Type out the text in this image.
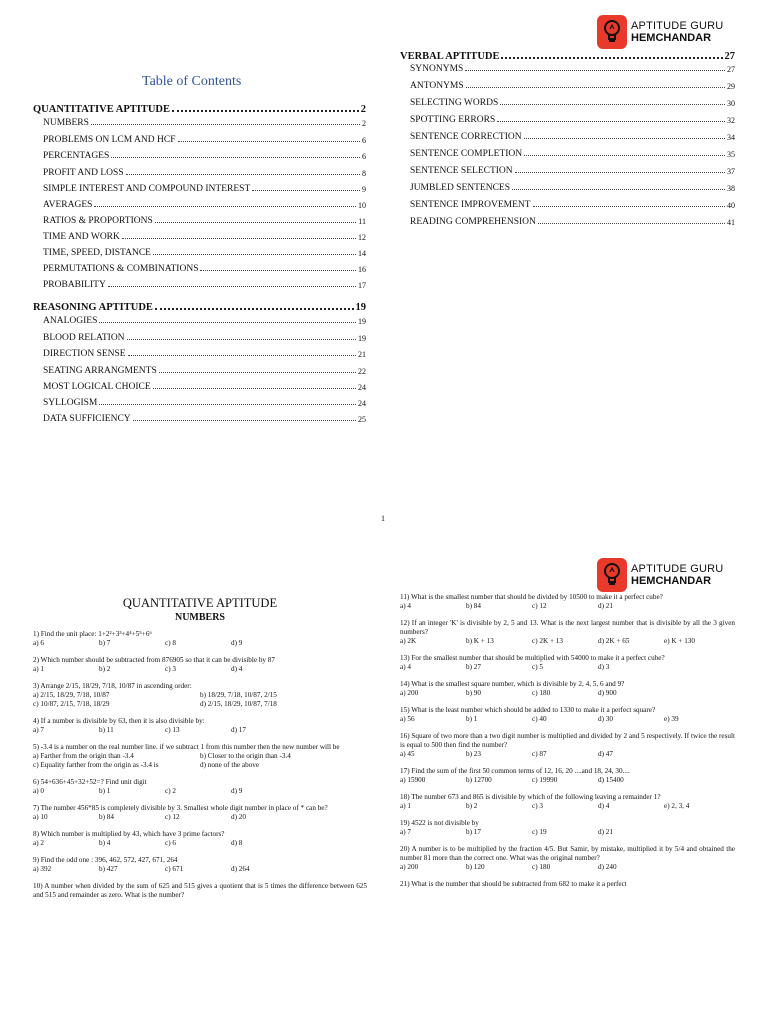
APTITUDE GURU
HEMCHANDAR
Table of Contents
QUANTITATIVE APTITUDE	2
NUMBERS	2
PROBLEMS ON LCM AND HCF	6
PERCENTAGES	6
PROFIT AND LOSS	8
SIMPLE INTEREST AND COMPOUND INTEREST	9
AVERAGES	10
RATIOS & PROPORTIONS	11
TIME AND WORK	12
TIME, SPEED, DISTANCE	14
PERMUTATIONS & COMBINATIONS	16
PROBABILITY	17
REASONING APTITUDE	19
ANALOGIES	19
BLOOD RELATION	19
DIRECTION SENSE	21
SEATING ARRANGMENTS	22
MOST LOGICAL CHOICE	24
SYLLOGISM	24
DATA SUFFICIENCY	25
VERBAL APTITUDE	27
SYNONYMS	27
ANTONYMS	29
SELECTING WORDS	30
SPOTTING ERRORS	32
SENTENCE CORRECTION	34
SENTENCE COMPLETION	35
SENTENCE SELECTION	37
JUMBLED SENTENCES	38
SENTENCE IMPROVEMENT	40
READING COMPREHENSION	41
1
APTITUDE GURU
HEMCHANDAR
QUANTITATIVE APTITUDE
NUMBERS
1) Find the unit place: 1+2²+3³+4⁴+5⁵+6⁶
a) 6	b) 7	c) 8	d) 9
2) Which number should be subtracted from 876905 so that it can be divisible by 87
a) 1	b) 2	c) 3	d) 4
3) Arrange 2/15, 18/29, 7/18, 10/87 in ascending order:
a) 2/15, 18/29, 7/18, 10/87	b) 18/29, 7/18, 10/87, 2/15
c) 10/87, 2/15, 7/18, 18/29	d) 2/15, 18/29, 10/87, 7/18
4) If a number is divisible by 63, then it is also divisible by:
a) 7	b) 11	c) 13	d) 17
5) -3.4 is a number on the real number line. if we subtract 1 from this number then the new number will be
a) Farther from the origin than -3.4	b) Closer to the origin than -3.4
c) Equality farther from the origin as -3.4 is	d) none of the above
6) 54+636+45+32+52=? Find unit digit
a) 0	b) 1	c) 2	d) 9
7) The number 456*85 is completely divisible by 3. Smallest whole digit number in place of * can be?
a) 10	b) 84	c) 12	d) 20
8) Which number is multiplied by 43, which have 3 prime factors?
a) 2	b) 4	c) 6	d) 8
9) Find the odd one : 396, 462, 572, 427, 671, 264
a) 392	b) 427	c) 671	d) 264
10) A number when divided by the sum of 625 and 515 gives a quotient that is 5 times the difference between 625 and 515 and remainder as zero. What is the number?
11) What is the smallest number that should be divided by 10500 to make it a perfect cube?
a) 4	b) 84	c) 12	d) 21
12) If an integer 'K' is divisible by 2, 5 and 13. What is the next largest number that is divisible by all the 3 given numbers?
a) 2K	b) K + 13	c) 2K + 13	d) 2K + 65	e) K + 130
13) For the smallest number that should be multiplied with 54000 to make it a perfect cube?
a) 4	b) 27	c) 5	d) 3
14) What is the smallest square number, which is divisible by 2, 4, 5, 6 and 9?
a) 200	b) 90	c) 180	d) 900
15) What is the least number which should be added to 1330 to make it a perfect square?
a) 56	b) 1	c) 40	d) 30	e) 39
16) Square of two more than a two digit number is multiplied and divided by 2 and 5 respectively. If twice the result is equal to 500 then find the number?
a) 45	b) 23	c) 87	d) 47
17) Find the sum of the first 50 common terms of 12, 16, 20 ....and 18, 24, 30....
a) 15900	b) 12700	c) 19990	d) 15400
18) The number 673 and 865 is divisible by which of the following leaving a remainder 1?
a) 1	b) 2	c) 3	d) 4	e) 2, 3, 4
19) 4522 is not divisible by
a) 7	b) 17	c) 19	d) 21
20) A number is to be multiplied by the fraction 4/5. But Samir, by mistake, multiplied it by 5/4 and obtained the number 81 more than the correct one. What was the original number?
a) 200	b) 120	c) 180	d) 240
21) What is the number that should be subtracted from 682 to make it a perfect
